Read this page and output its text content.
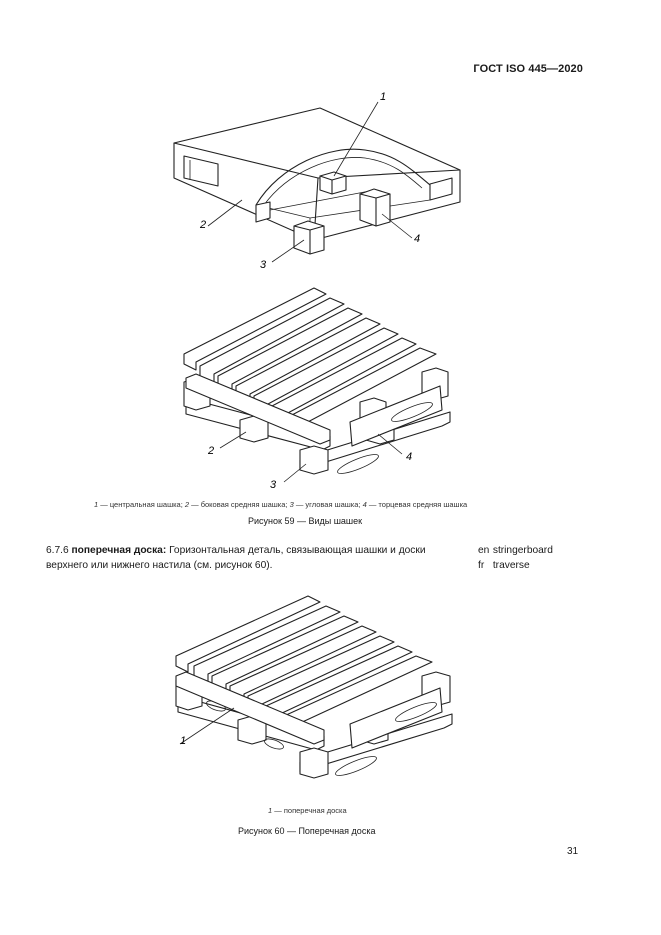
ГОСТ ISO 445—2020
1
2
3
4
2
3
4
1 — центральная шашка; 2 — боковая средняя шашка; 3 — угловая шашка; 4 — торцевая средняя шашка
Рисунок 59 — Виды шашек
6.7.6 поперечная доска: Горизонтальная деталь, связывающая шашки и доски верхнего или нижнего настила (см. рисунок 60).
en stringerboard
fr traverse
1
1 — поперечная доска
Рисунок 60 — Поперечная доска
31
